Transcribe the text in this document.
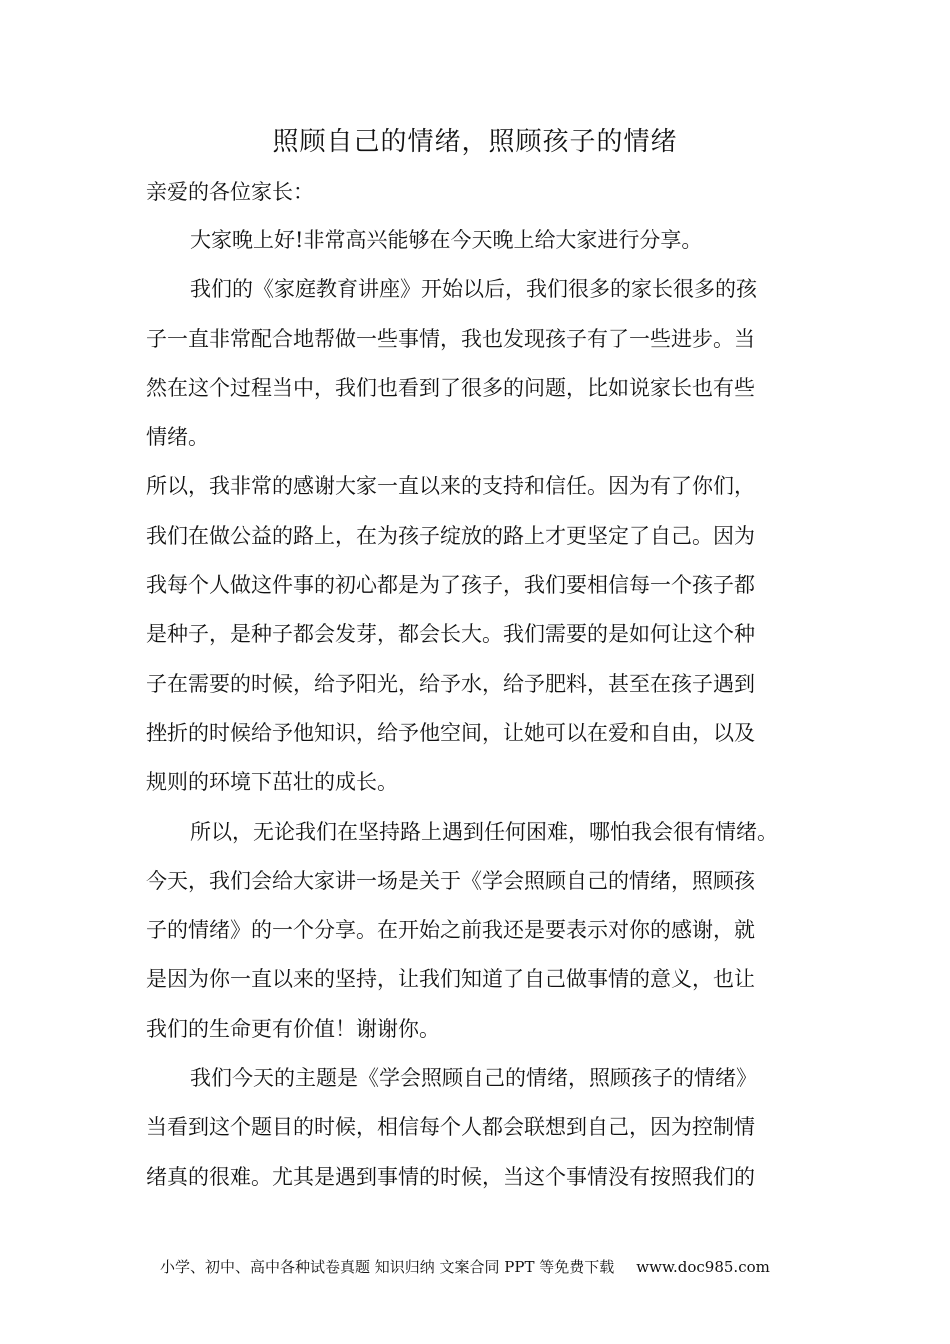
照顾自己的情绪，照顾孩子的情绪

亲爱的各位家长：

大家晚上好!非常高兴能够在今天晚上给大家进行分享。
我们的《家庭教育讲座》开始以后，我们很多的家长很多的孩
子一直非常配合地帮做一些事情，我也发现孩子有了一些进步。当
然在这个过程当中，我们也看到了很多的问题，比如说家长也有些
情绪。
所以，我非常的感谢大家一直以来的支持和信任。因为有了你们，
我们在做公益的路上，在为孩子绽放的路上才更坚定了自己。因为
我每个人做这件事的初心都是为了孩子，我们要相信每一个孩子都
是种子，是种子都会发芽，都会长大。我们需要的是如何让这个种
子在需要的时候，给予阳光，给予水，给予肥料，甚至在孩子遇到
挫折的时候给予他知识，给予他空间，让她可以在爱和自由，以及
规则的环境下茁壮的成长。
所以，无论我们在坚持路上遇到任何困难，哪怕我会很有情绪。
今天，我们会给大家讲一场是关于《学会照顾自己的情绪，照顾孩
子的情绪》的一个分享。在开始之前我还是要表示对你的感谢，就
是因为你一直以来的坚持，让我们知道了自己做事情的意义，也让
我们的生命更有价值！谢谢你。
我们今天的主题是《学会照顾自己的情绪，照顾孩子的情绪》
当看到这个题目的时候，相信每个人都会联想到自己，因为控制情
绪真的很难。尤其是遇到事情的时候，当这个事情没有按照我们的
小学、初中、高中各种试卷真题 知识归纳 文案合同 PPT 等免费下载 www.doc985.com
